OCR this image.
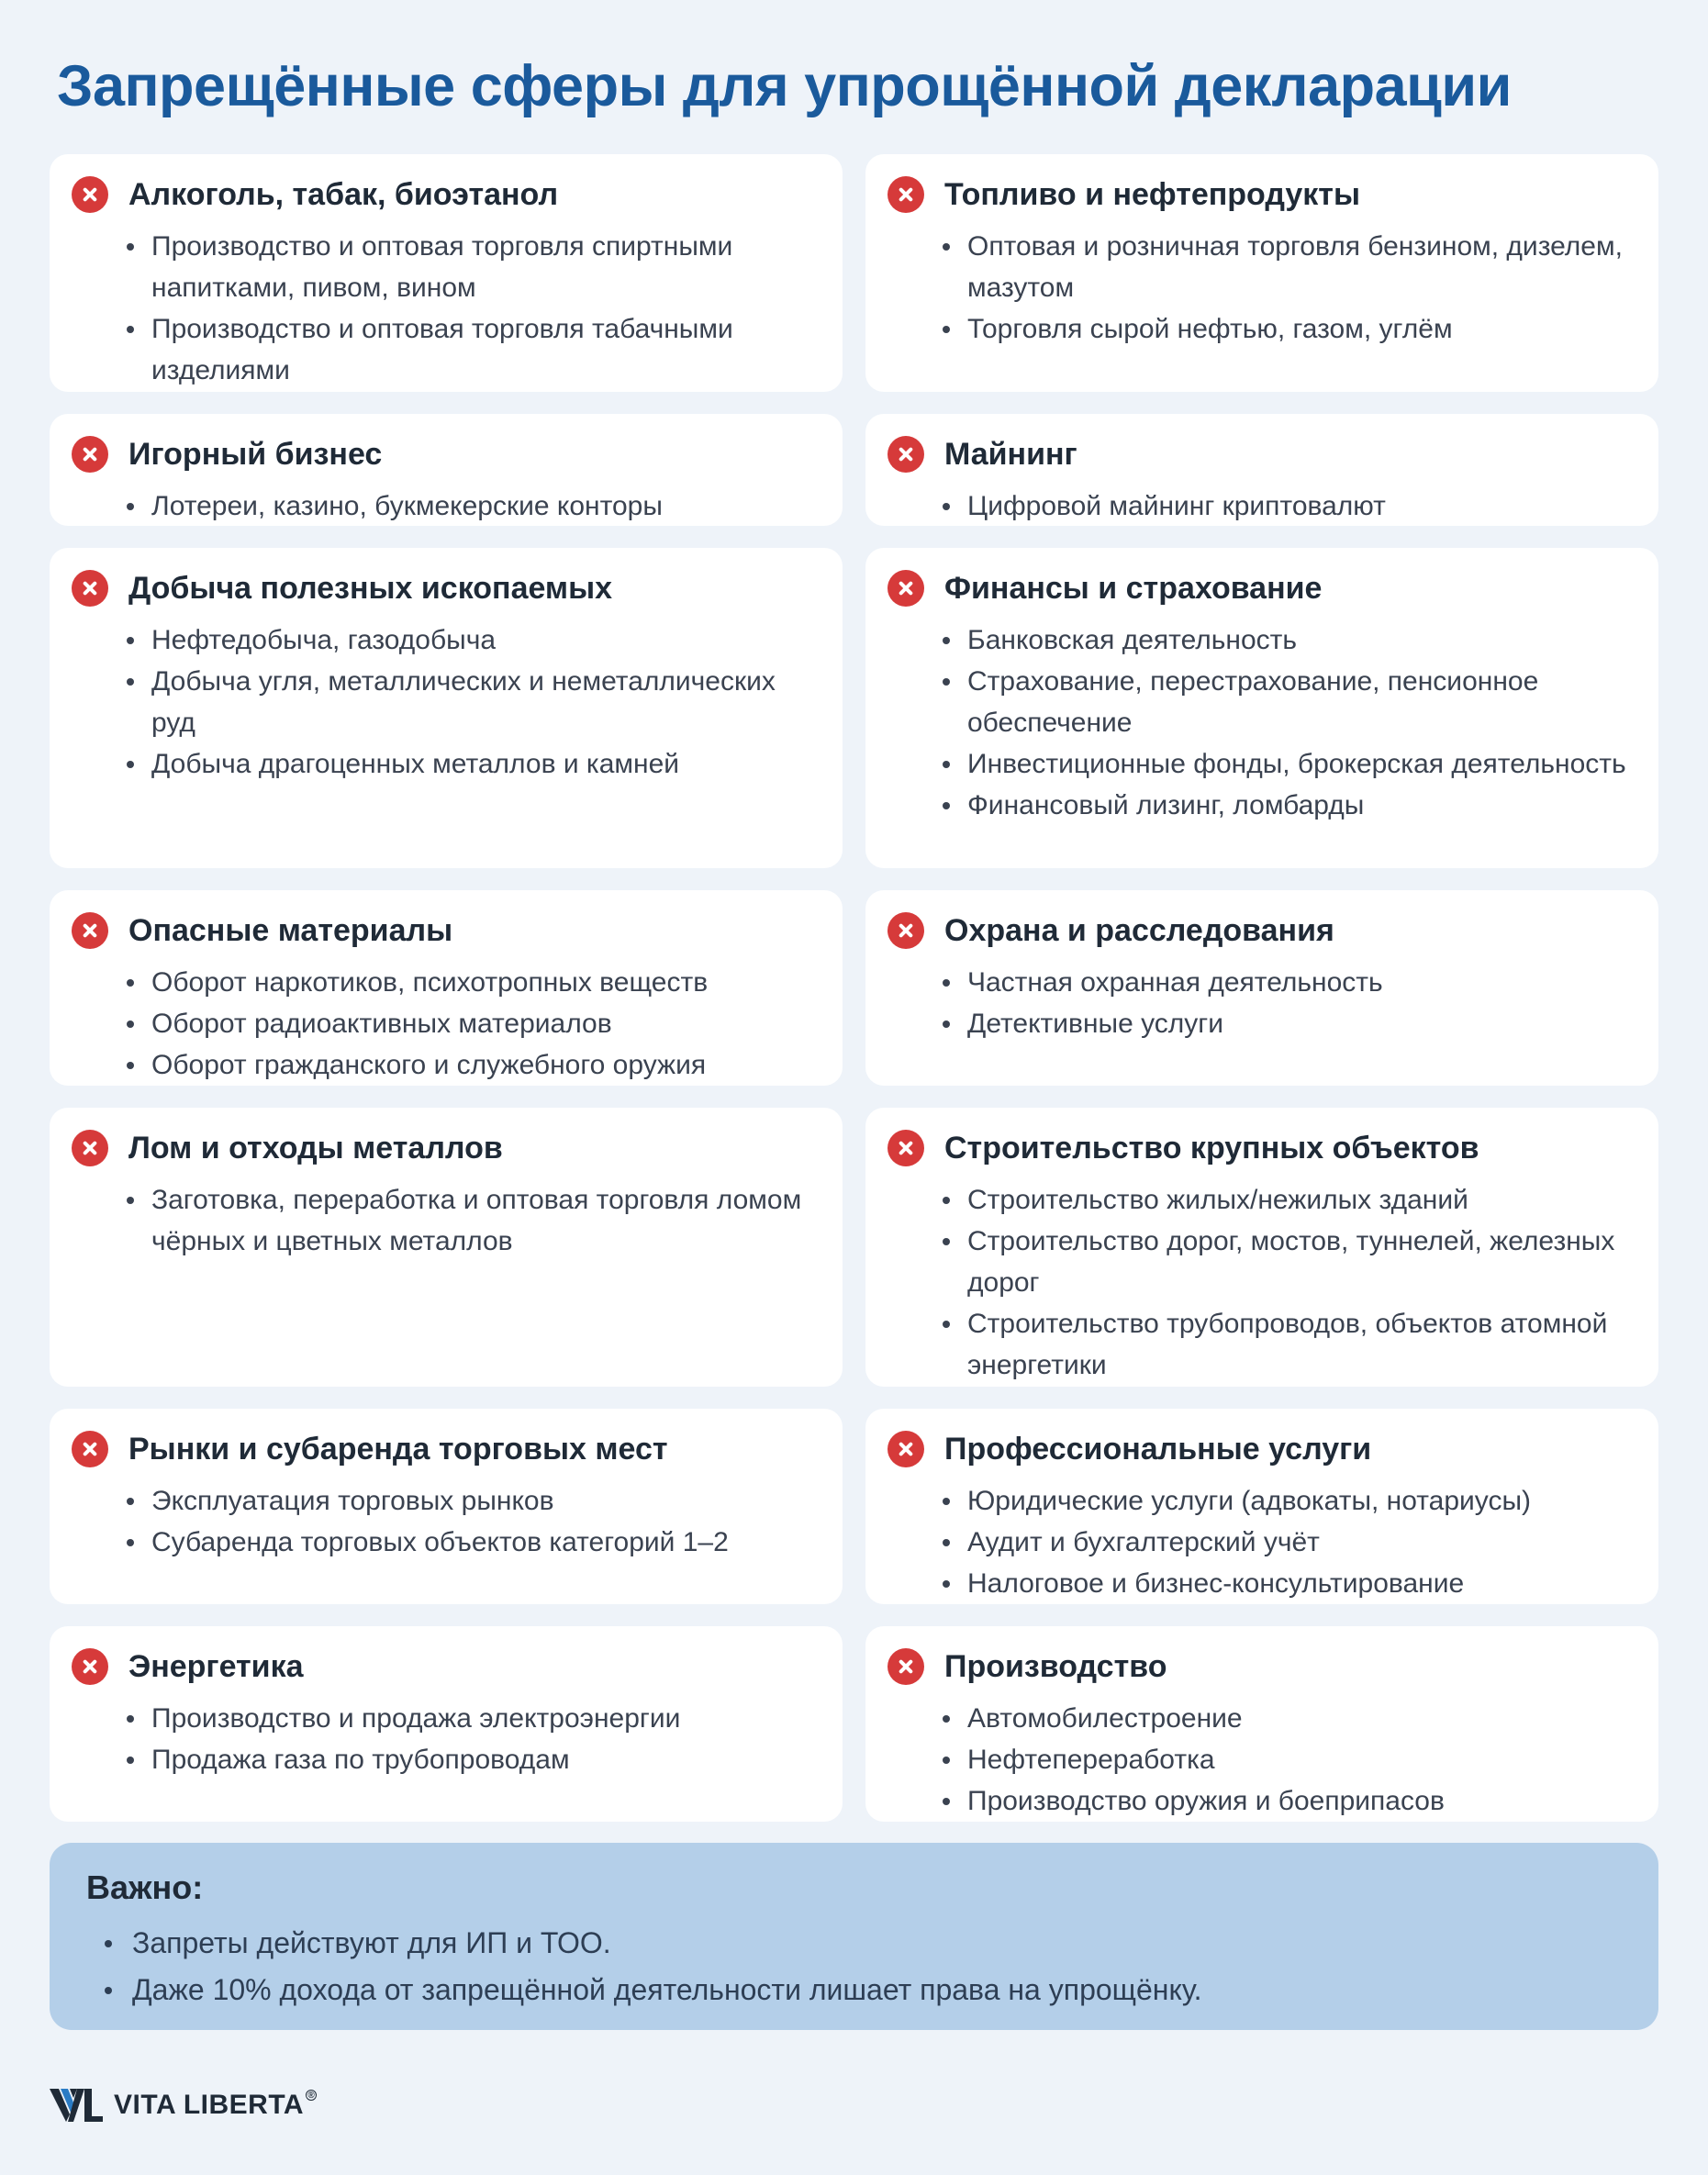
Запрещённые сферы для упрощённой декларации
Алкоголь, табак, биоэтанол
Производство и оптовая торговля спиртными напитками, пивом, вином
Производство и оптовая торговля табачными изделиями
Топливо и нефтепродукты
Оптовая и розничная торговля бензином, дизелем, мазутом
Торговля сырой нефтью, газом, углём
Игорный бизнес
Лотереи, казино, букмекерские конторы
Майнинг
Цифровой майнинг криптовалют
Добыча полезных ископаемых
Нефтедобыча, газодобыча
Добыча угля, металлических и неметаллических руд
Добыча драгоценных металлов и камней
Финансы и страхование
Банковская деятельность
Страхование, перестрахование, пенсионное обеспечение
Инвестиционные фонды, брокерская деятельность
Финансовый лизинг, ломбарды
Опасные материалы
Оборот наркотиков, психотропных веществ
Оборот радиоактивных материалов
Оборот гражданского и служебного оружия
Охрана и расследования
Частная охранная деятельность
Детективные услуги
Лом и отходы металлов
Заготовка, переработка и оптовая торговля ломом чёрных и цветных металлов
Строительство крупных объектов
Строительство жилых/нежилых зданий
Строительство дорог, мостов, туннелей, железных дорог
Строительство трубопроводов, объектов атомной энергетики
Рынки и субаренда торговых мест
Эксплуатация торговых рынков
Субаренда торговых объектов категорий 1–2
Профессиональные услуги
Юридические услуги (адвокаты, нотариусы)
Аудит и бухгалтерский учёт
Налоговое и бизнес-консультирование
Энергетика
Производство и продажа электроэнергии
Продажа газа по трубопроводам
Производство
Автомобилестроение
Нефтепереработка
Производство оружия и боеприпасов
Важно:
Запреты действуют для ИП и ТОО.
Даже 10% дохода от запрещённой деятельности лишает права на упрощёнку.
VITA LIBERTA ®
